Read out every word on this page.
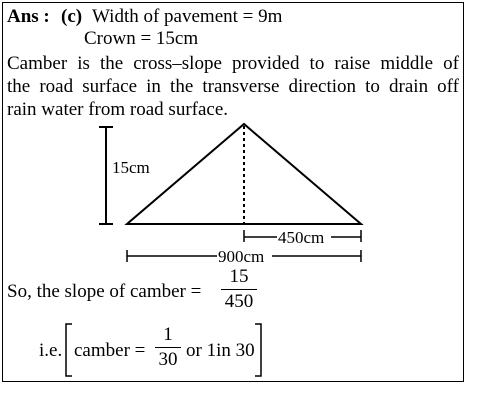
Ans : (c) Width of pavement = 9m
Crown = 15cm
Camber is the cross–slope provided to raise middle of
the road surface in the transverse direction to drain off
rain water from road surface.
15cm
450cm
900cm
So, the slope of camber =
15
450
i.e. camber =
1
30 or 1in 30
